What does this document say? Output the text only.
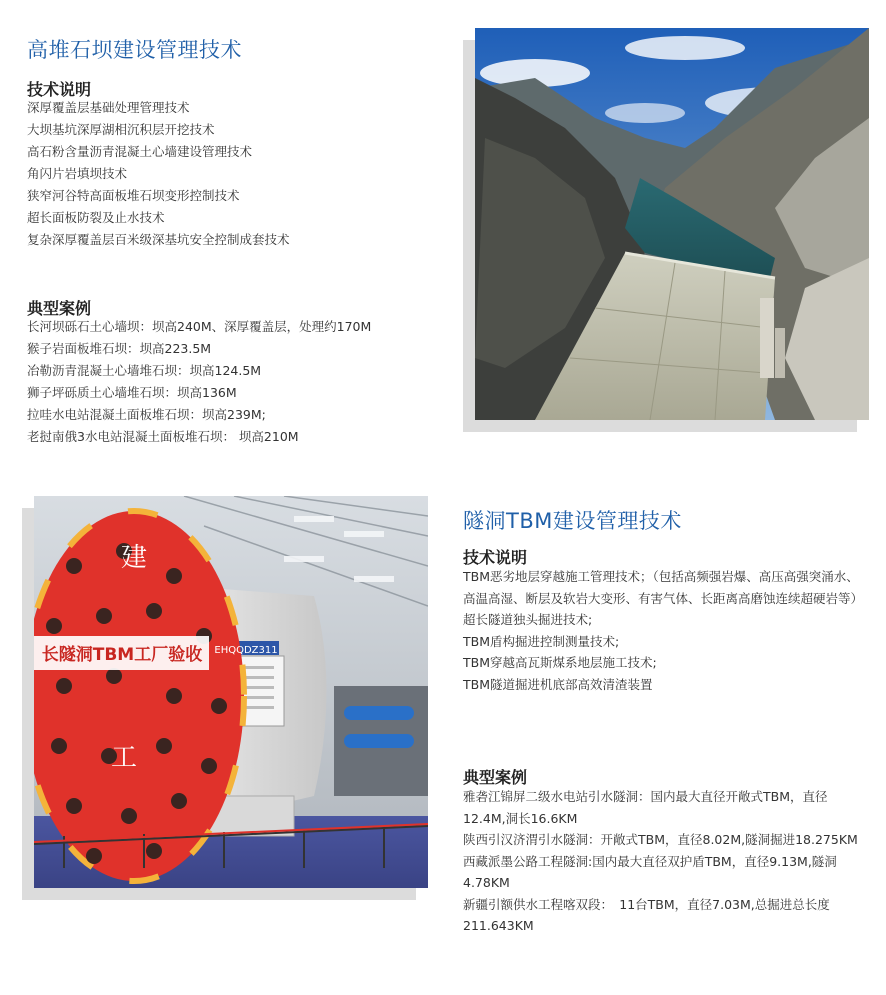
高堆石坝建设管理技术
技术说明
深厚覆盖层基础处理管理技术
大坝基坑深厚湖相沉积层开挖技术
高石粉含量沥青混凝土心墙建设管理技术
角闪片岩填坝技术
狭窄河谷特高面板堆石坝变形控制技术
超长面板防裂及止水技术
复杂深厚覆盖层百米级深基坑安全控制成套技术
典型案例
长河坝砾石土心墙坝：坝高240M、深厚覆盖层，处理约170M
猴子岩面板堆石坝：坝高223.5M
冶勒沥青混凝土心墙堆石坝：坝高124.5M
狮子坪砾质土心墙堆石坝：坝高136M
拉哇水电站混凝土面板堆石坝：坝高239M;
老挝南俄3水电站混凝土面板堆石坝： 坝高210M
长隧洞TBM工厂验收
建
工
EHQQDZ311
隧洞TBM建设管理技术
技术说明
TBM恶劣地层穿越施工管理技术；（包括高频强岩爆、高压高强突涌水、高温高湿、断层及软岩大变形、有害气体、长距离高磨蚀连续超硬岩等）
超长隧道独头掘进技术;
TBM盾构掘进控制测量技术;
TBM穿越高瓦斯煤系地层施工技术;
TBM隧道掘进机底部高效清渣装置
典型案例
雅砻江锦屏二级水电站引水隧洞：国内最大直径开敞式TBM，直径12.4M,洞长16.6KM
陕西引汉济渭引水隧洞：开敞式TBM，直径8.02M,隧洞掘进18.275KM
西藏派墨公路工程隧洞:国内最大直径双护盾TBM，直径9.13M,隧洞4.78KM
新疆引额供水工程喀双段：　11台TBM，直径7.03M,总掘进总长度211.643KM
